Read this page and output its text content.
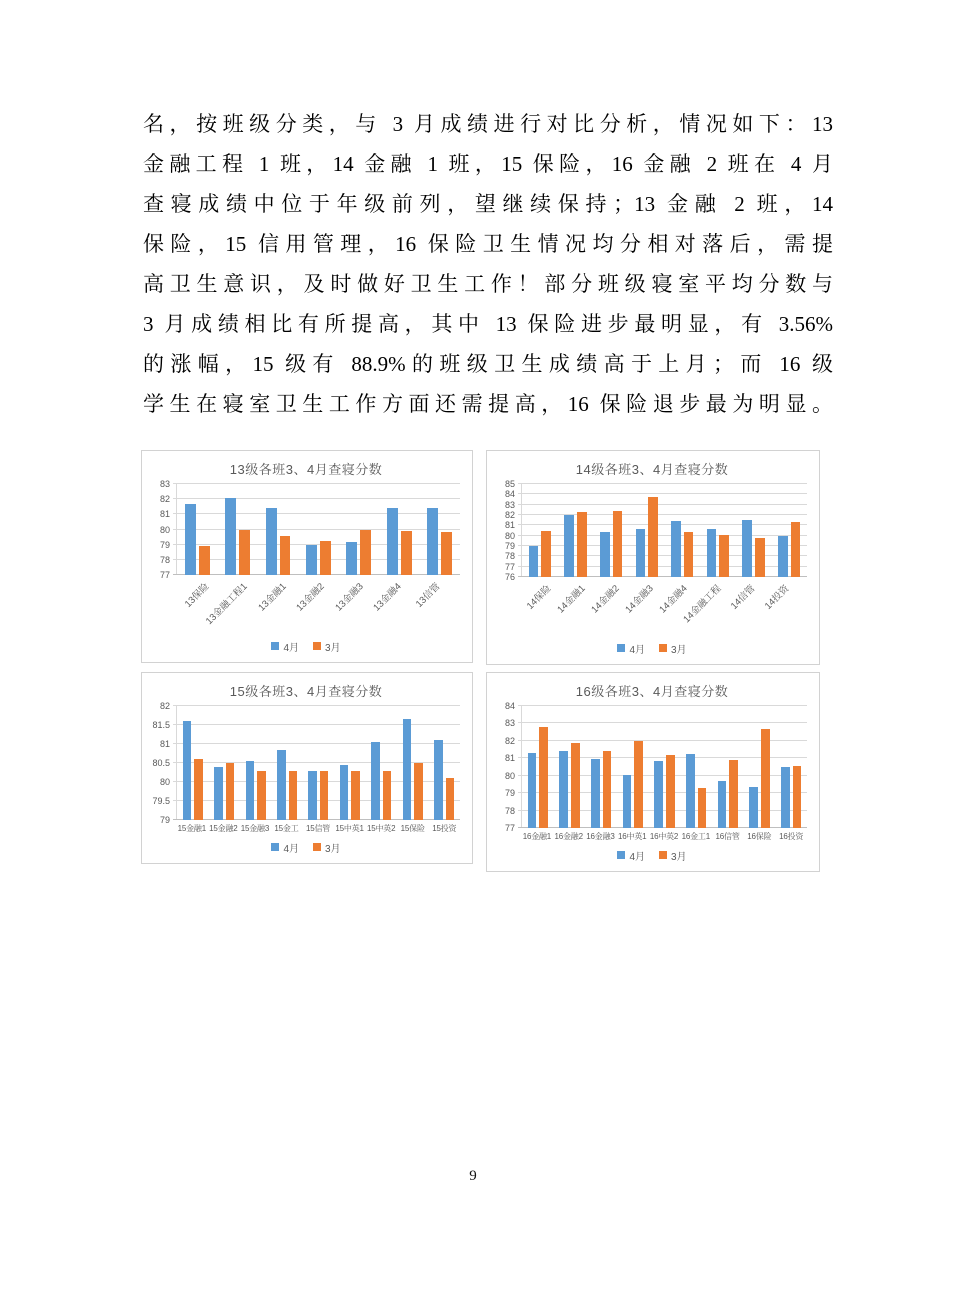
名，按班级分类，与 3 月成绩进行对比分析，情况如下：13
金融工程 1 班，14 金融 1 班，15 保险，16 金融 2 班在 4 月
查寝成绩中位于年级前列，望继续保持；13 金融 2 班，14
保险，15 信用管理，16 保险卫生情况均分相对落后，需提
高卫生意识，及时做好卫生工作！部分班级寝室平均分数与
3 月成绩相比有所提高，其中 13 保险进步最明显，有 3.56%
的涨幅，15 级有 88.9%的班级卫生成绩高于上月；而 16 级
学生在寝室卫生工作方面还需提高，16 保险退步最为明显。
13级各班3、4月查寝分数
77
78
79
80
81
82
83
13保险
13金融工程1 13金融1 13金融2 13金融3 13金融4 13信管
4月	3月
14级各班3、4月查寝分数
76
77
78
79
80
81
82
83
84
85
14保险 14金融1 14金融2 14金融3 14金融4
14金融工程 14信管 14投资
4月	3月
15级各班3、4月查寝分数
79
79.5
80
80.5
81
81.5
82
15金融1 15金融2 15金融3 15金工 15信管 15中英1 15中英2 15保险 15投资
4月	3月
16级各班3、4月查寝分数
77
78
79
80
81
82
83
84
16金融1 16金融2 16金融3 16中英1 16中英2 16金工1 16信管 16保险 16投资
4月	3月
9
